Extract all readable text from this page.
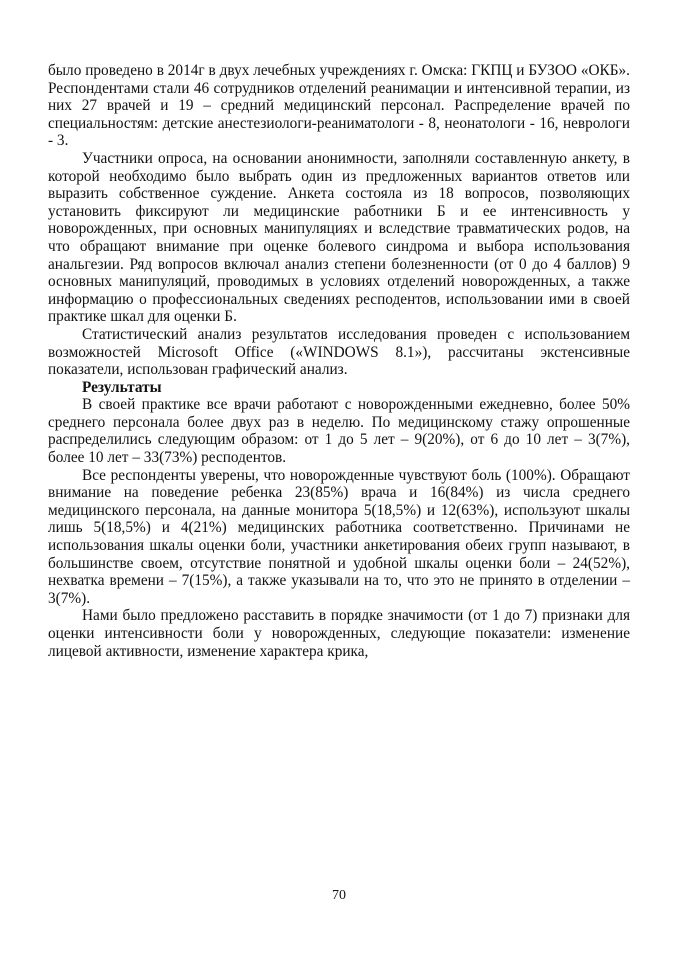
было проведено в 2014г в двух лечебных учреждениях г. Омска: ГКПЦ и БУЗОО «ОКБ». Респондентами стали 46 сотрудников отделений реанимации и интенсивной терапии, из них 27 врачей и 19 – средний медицинский персонал. Распределение врачей по специальностям: детские анестезиологи-реаниматологи - 8, неонатологи - 16, неврологи - 3.

Участники опроса, на основании анонимности, заполняли составленную анкету, в которой необходимо было выбрать один из предложенных вариантов ответов или выразить собственное суждение. Анкета состояла из 18 вопросов, позволяющих установить фиксируют ли медицинские работники Б и ее интенсивность у новорожденных, при основных манипуляциях и вследствие травматических родов, на что обращают внимание при оценке болевого синдрома и выбора использования анальгезии. Ряд вопросов включал анализ степени болезненности (от 0 до 4 баллов) 9 основных манипуляций, проводимых в условиях отделений новорожденных, а также информацию о профессиональных сведениях респодентов, использовании ими в своей практике шкал для оценки Б.

Статистический анализ результатов исследования проведен с использованием возможностей Microsoft Office («WINDOWS 8.1»), рассчитаны экстенсивные показатели, использован графический анализ.

Результаты

В своей практике все врачи работают с новорожденными ежедневно, более 50% среднего персонала более двух раз в неделю. По медицинскому стажу опрошенные распределились следующим образом: от 1 до 5 лет – 9(20%), от 6 до 10 лет – 3(7%), более 10 лет – 33(73%) респодентов.

Все респонденты уверены, что новорожденные чувствуют боль (100%). Обращают внимание на поведение ребенка 23(85%) врача и 16(84%) из числа среднего медицинского персонала, на данные монитора 5(18,5%) и 12(63%), используют шкалы лишь 5(18,5%) и 4(21%) медицинских работника соответственно. Причинами не использования шкалы оценки боли, участники анкетирования обеих групп называют, в большинстве своем, отсутствие понятной и удобной шкалы оценки боли – 24(52%), нехватка времени – 7(15%), а также указывали на то, что это не принято в отделении – 3(7%).

Нами было предложено расставить в порядке значимости (от 1 до 7) признаки для оценки интенсивности боли у новорожденных, следующие показатели: изменение лицевой активности, изменение характера крика,

70
